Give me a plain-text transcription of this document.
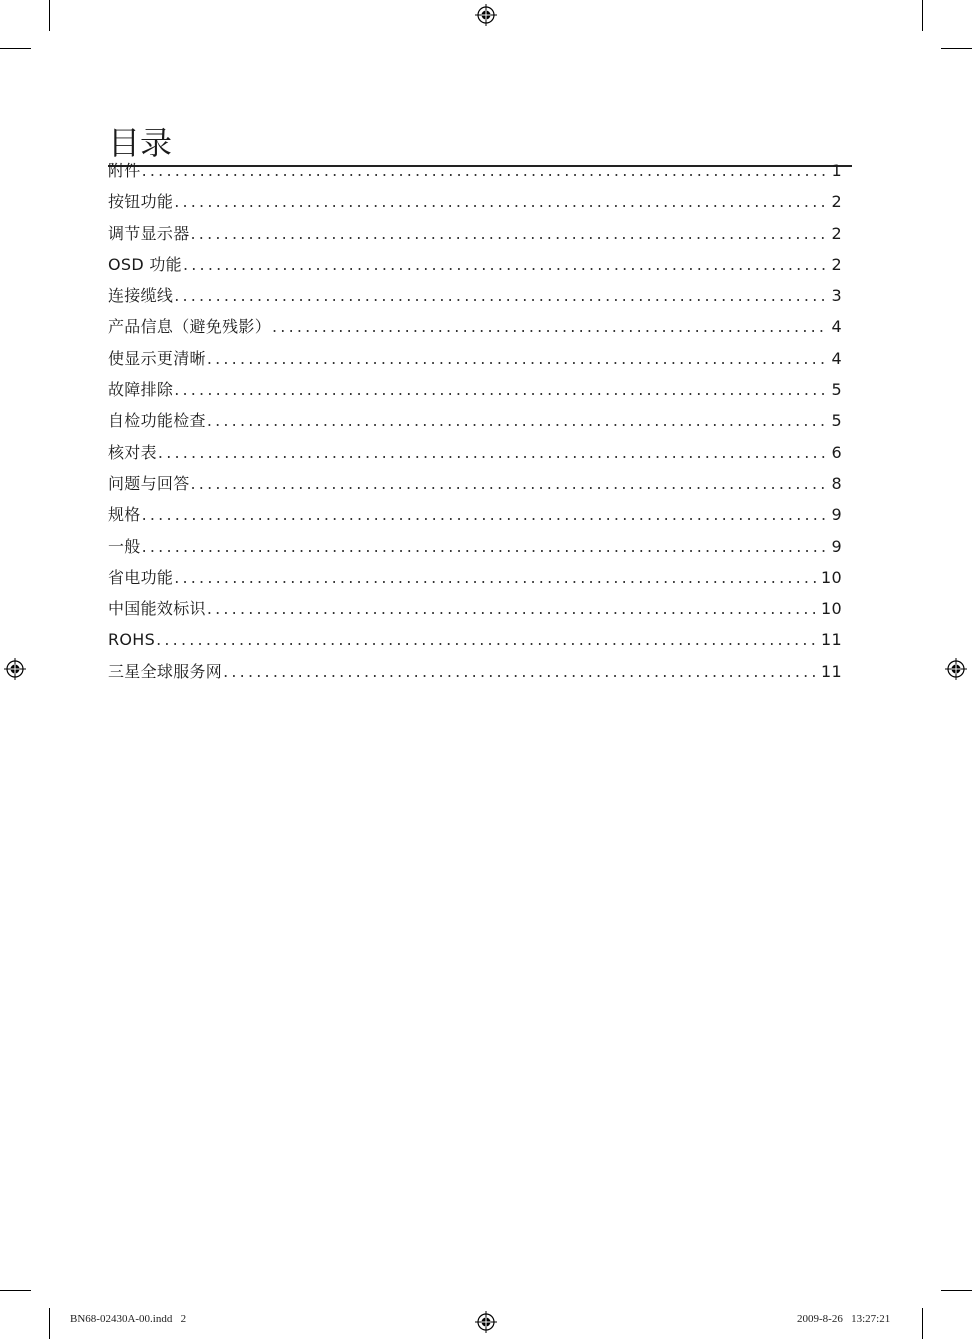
目录
附件 .....	1
按钮功能 .....	2
调节显示器 .....	2
OSD 功能 .....	2
连接缆线 .....	3
产品信息（避免残影） .....	4
使显示更清晰 .....	4
故障排除 .....	5
自检功能检查 .....	5
核对表 .....	6
问题与回答 .....	8
规格 .....	9
一般 .....	9
省电功能 .....	10
中国能效标识 .....	10
ROHS .....	11
三星全球服务网 .....	11
BN68-02430A-00.indd   2	2009-8-26   13:27:21
